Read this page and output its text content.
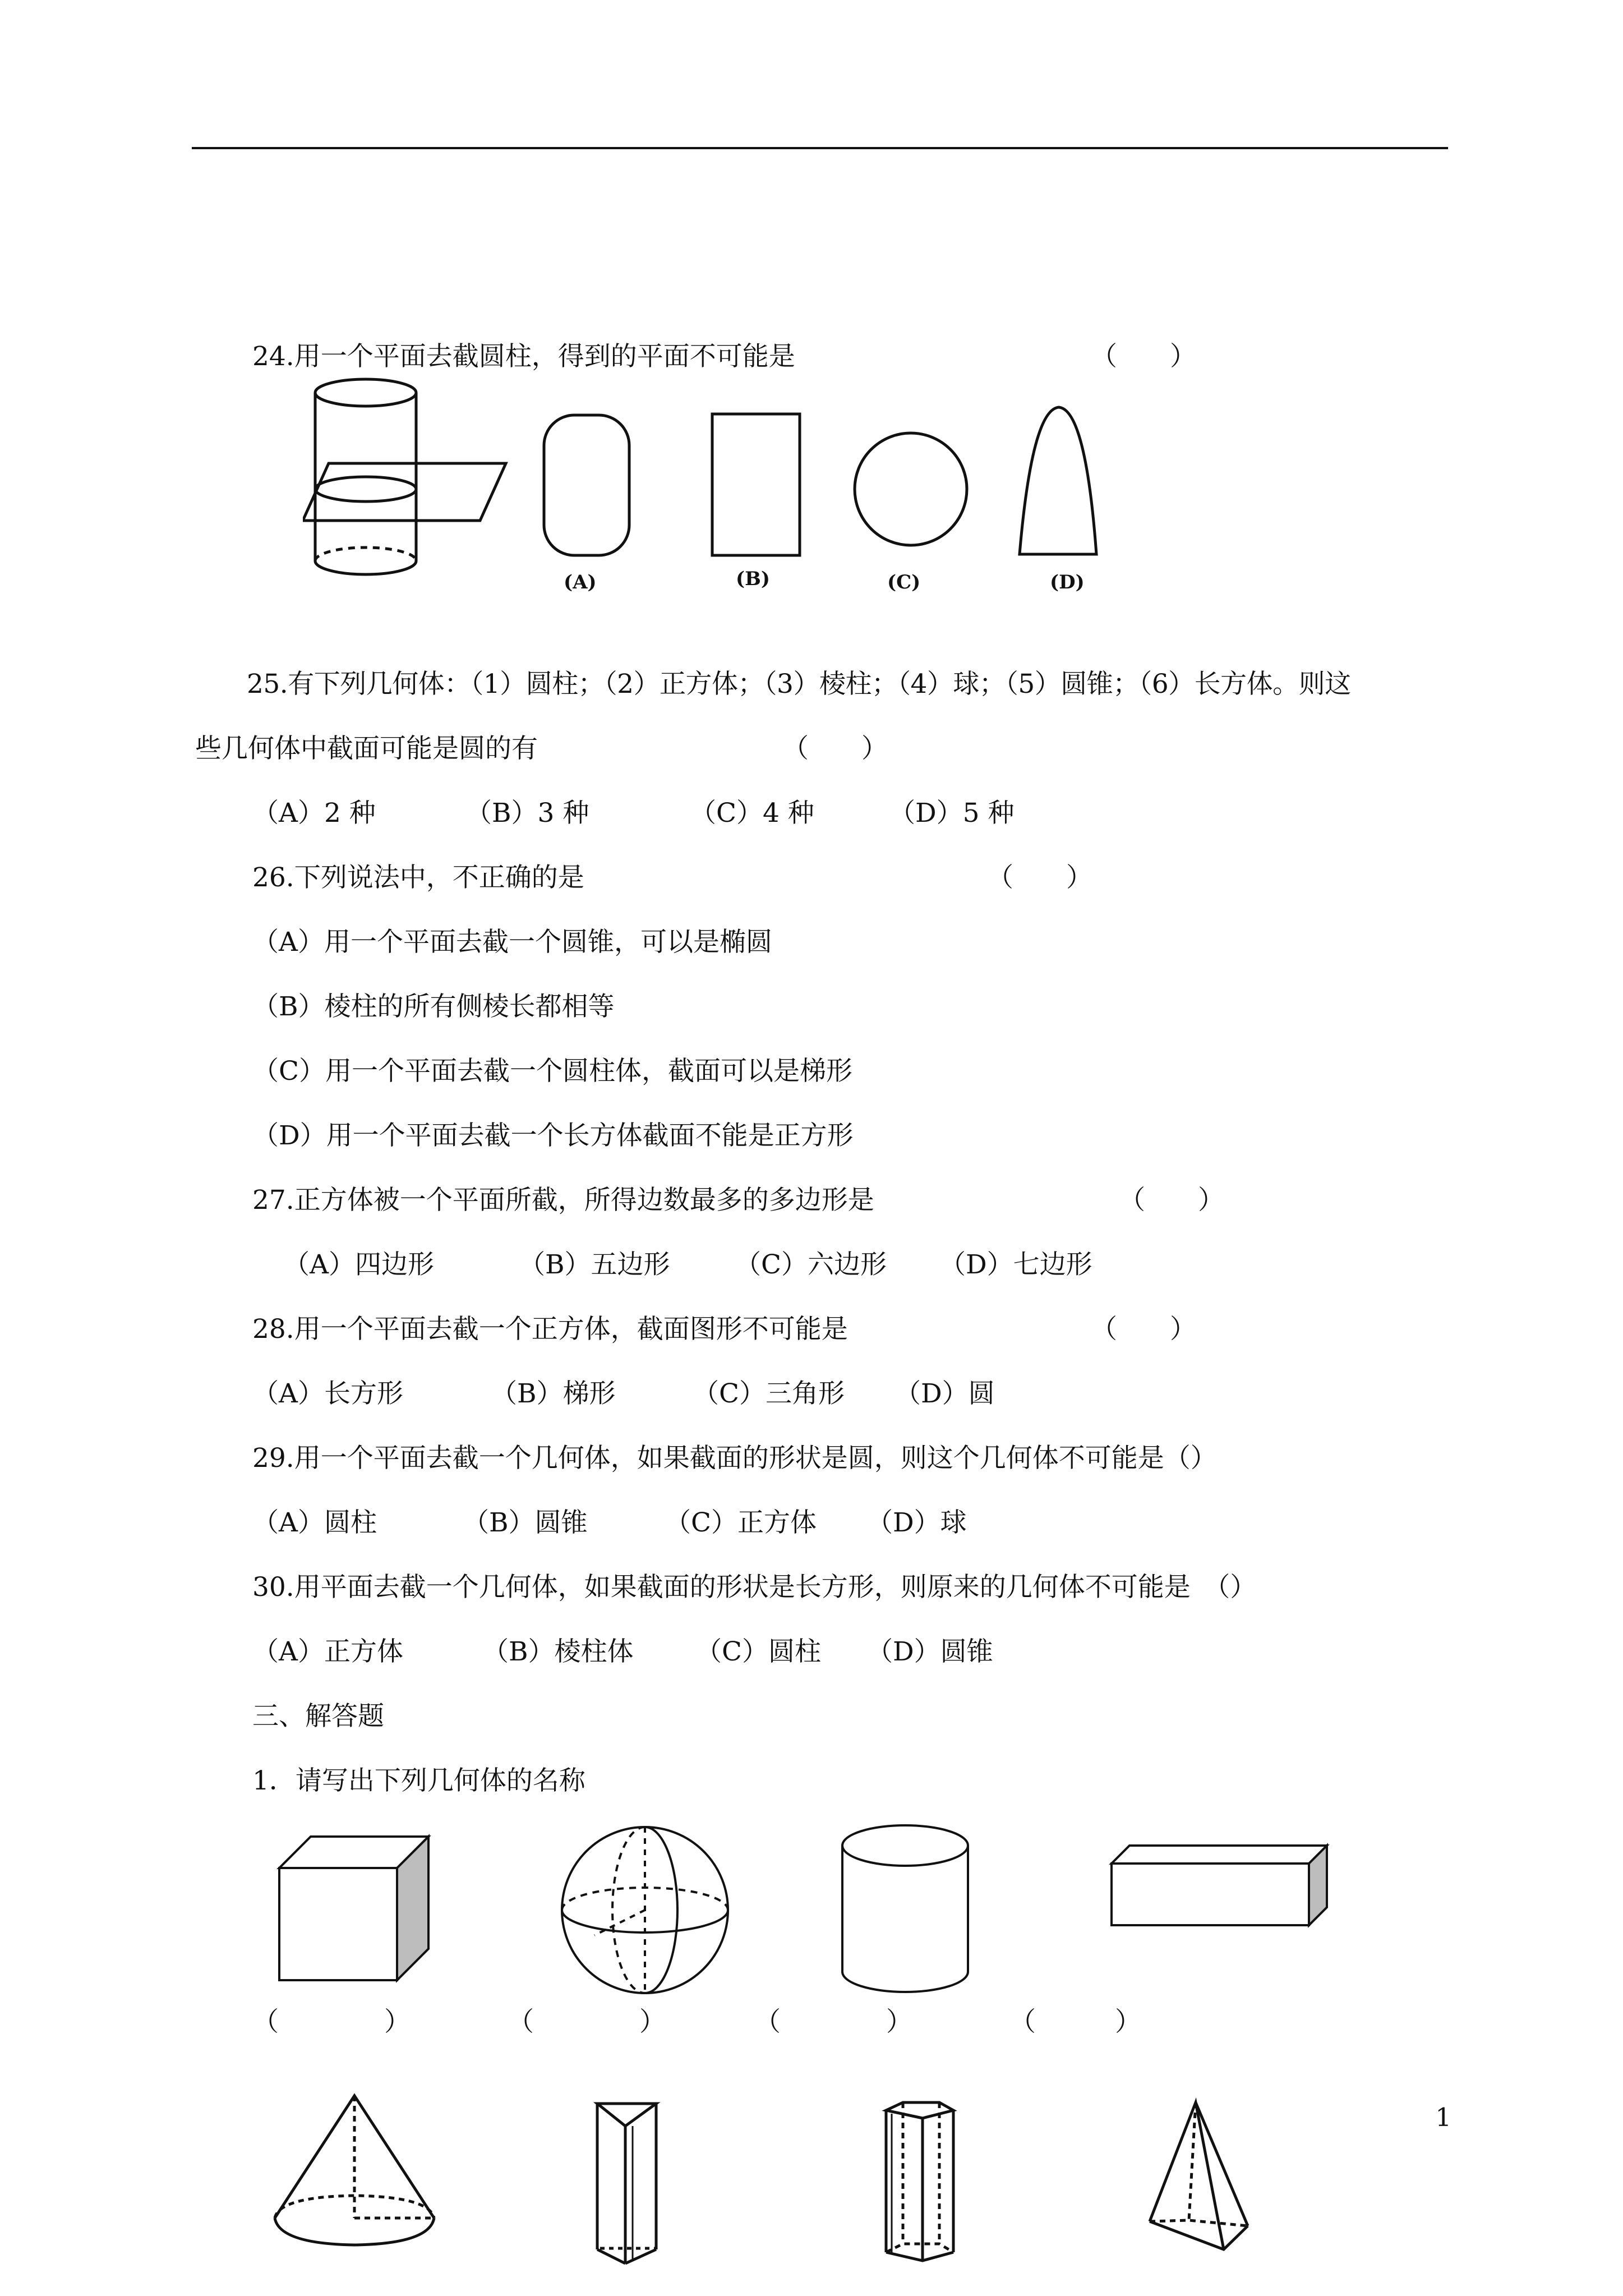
24.用一个平面去截圆柱，得到的平面不可能是	（　　）
(A)	(B)	(C)	(D)
25.有下列几何体：（1）圆柱；（2）正方体；（3）棱柱；（4）球；（5）圆锥；（6）长方体。则这
些几何体中截面可能是圆的有	（　　）
（A）2 种	（B）3 种	（C）4 种	（D）5 种
26.下列说法中，不正确的是	（　　）
（A）用一个平面去截一个圆锥，可以是椭圆
（B）棱柱的所有侧棱长都相等
（C）用一个平面去截一个圆柱体，截面可以是梯形
（D）用一个平面去截一个长方体截面不能是正方形
27.正方体被一个平面所截，所得边数最多的多边形是	（　　）
（A）四边形	（B）五边形 （C）六边形 （D）七边形
28.用一个平面去截一个正方体，截面图形不可能是	（　　）
（A）长方形	（B）梯形	（C）三角形 （D）圆
29.用一个平面去截一个几何体，如果截面的形状是圆，则这个几何体不可能是（）
（A）圆柱	（B）圆锥	（C）正方体 （D）球
30.用平面去截一个几何体，如果截面的形状是长方形，则原来的几何体不可能是　（）
（A）正方体	（B）棱柱体 （C）圆柱 （D）圆锥
三、解答题
1．请写出下列几何体的名称
（　　　　）	（　　　　）	（　　　　）	（　　　）
1
